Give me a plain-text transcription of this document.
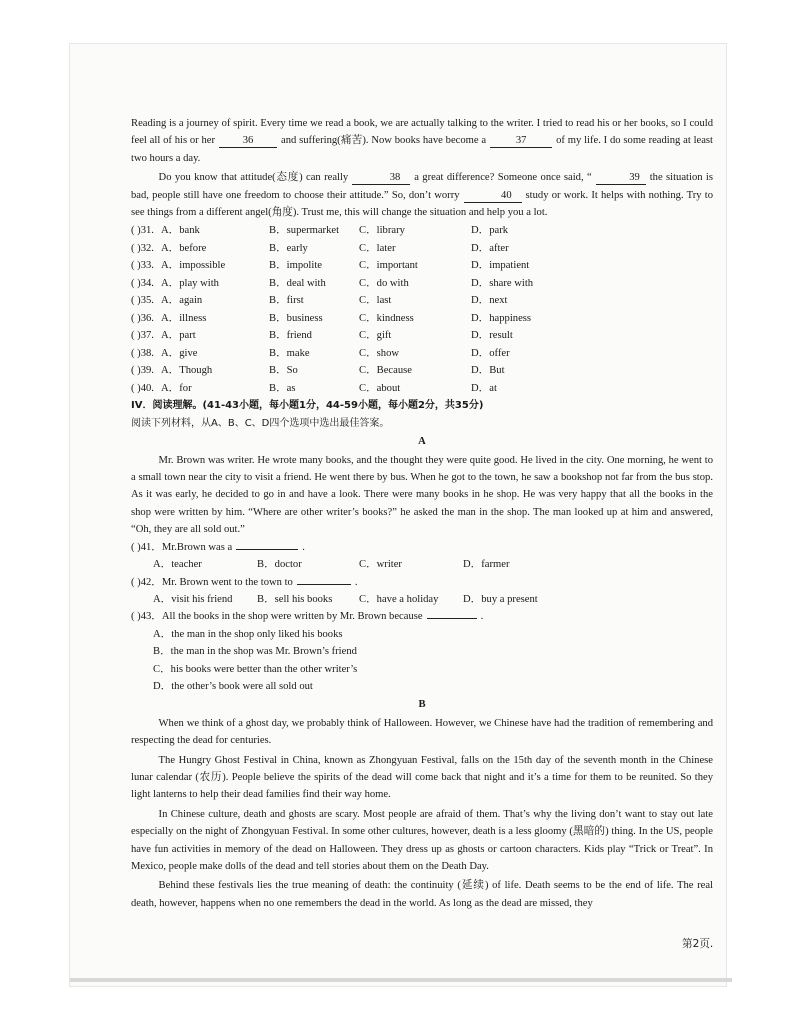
Reading is a journey of spirit. Every time we read a book, we are actually talking to the writer. I tried to read his or her books, so I could feel all of his or her	36	and suffering(痛苦). Now books have become a	37	of my life. I do some reading at least two hours a day.

Do you know that attitude(态度) can really	38 a great difference? Someone once said, “	39 the situation is bad, people still have one freedom to choose their attitude.” So, don’t worry	40 study or work. It helps with nothing. Try to see things from a different angel(角度). Trust me, this will change the situation and help you a lot.

( )31. A．bank	B．supermarket	C．library	D．park
( )32. A．before	B．early	C．later	D．after
( )33. A．impossible	B．impolite	C．important	D．impatient
( )34. A．play with	B．deal with	C．do with	D．share with
( )35. A．again	B．first	C．last	D．next
( )36. A．illness	B．business	C．kindness	D．happiness
( )37. A．part	B．friend	C．gift	D．result
( )38. A．give	B．make	C．show	D．offer
( )39. A．Though	B．So	C．Because	D．But
( )40. A．for	B．as	C．about	D．at
IV．阅读理解。(41-43小题，每小题1分，44-59小题，每小题2分，共35分)
阅读下列材料，从A、B、C、D四个选项中选出最佳答案。
A

Mr. Brown was writer. He wrote many books, and the thought they were quite good. He lived in the city. One morning, he went to a small town near the city to visit a friend. He went there by bus. When he got to the town, he saw a bookshop not far from the bus stop. As it was early, he decided to go in and have a look. There were many books in he shop. He was very happy that all the books in the shop were written by him. “Where are other writer’s books?” he asked the man in the shop. The man looked up at him and answered, “Oh, they are all sold out.”

( )41．Mr.Brown was a	.
A．teacher	B．doctor	C．writer	D．farmer
( )42．Mr. Brown went to the town to	.
A．visit his friend	B．sell his books	C．have a holiday	D．buy a present
( )43．All the books in the shop were written by Mr. Brown because	.
A．the man in the shop only liked his books
B．the man in the shop was Mr. Brown’s friend
C．his books were better than the other writer’s
D．the other’s book were all sold out
B

When we think of a ghost day, we probably think of Halloween. However, we Chinese have had the tradition of remembering and respecting the dead for centuries.

The Hungry Ghost Festival in China, known as Zhongyuan Festival, falls on the 15th day of the seventh month in the Chinese lunar calendar (农历). People believe the spirits of the dead will come back that night and it’s a time for them to be reunited. So they light lanterns to help their dead families find their way home.

In Chinese culture, death and ghosts are scary. Most people are afraid of them. That’s why the living don’t want to stay out late especially on the night of Zhongyuan Festival. In some other cultures, however, death is a less gloomy (黑暗的) thing. In the US, people have fun activities in memory of the dead on Halloween. They dress up as ghosts or cartoon characters. Kids play “Trick or Treat”. In Mexico, people make dolls of the dead and tell stories about them on the Death Day.

Behind these festivals lies the true meaning of death: the continuity (延续) of life. Death seems to be the end of life. The real death, however, happens when no one remembers the dead in the world. As long as the dead are missed, they

第2页.
